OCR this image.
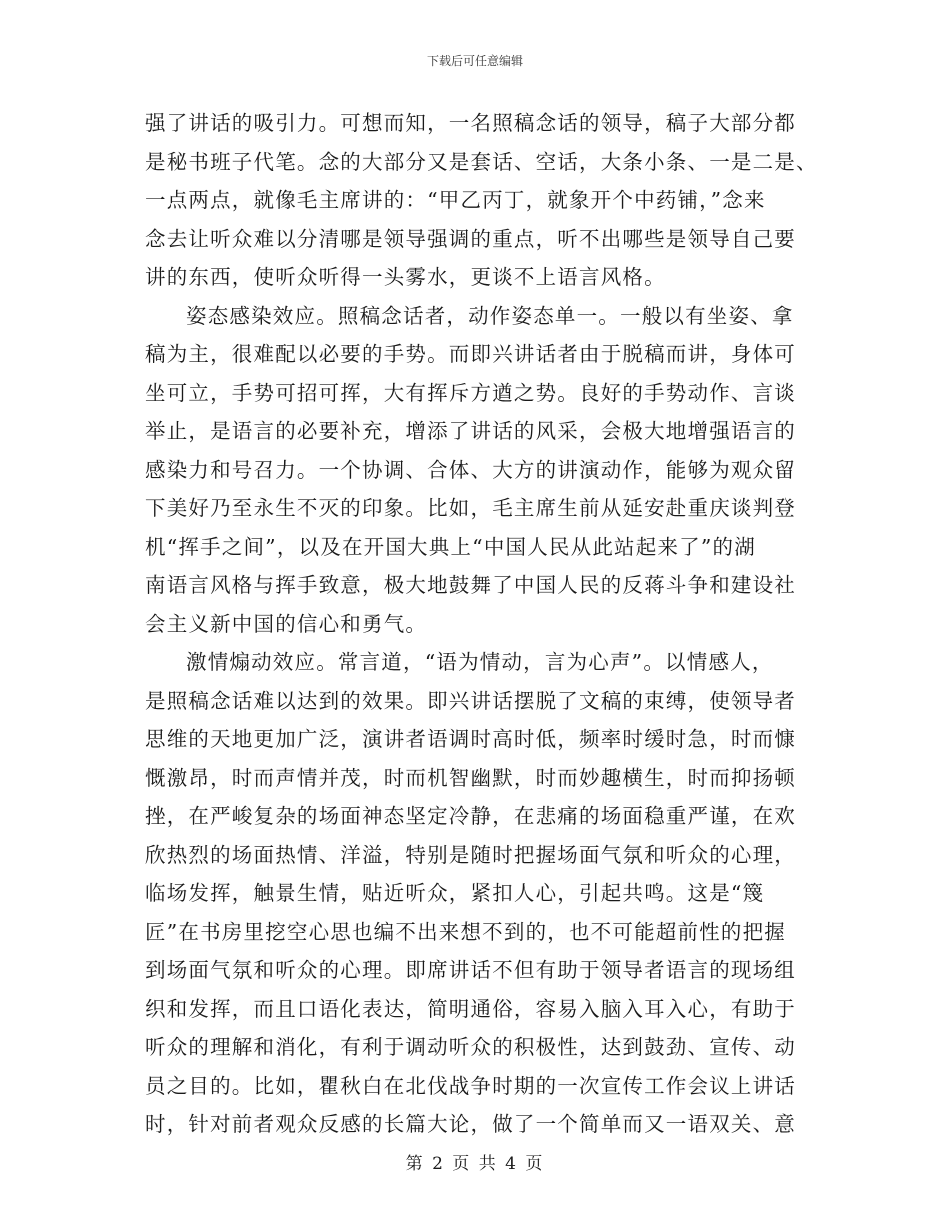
下载后可任意编辑
强了讲话的吸引力。可想而知，一名照稿念话的领导，稿子大部分都
是秘书班子代笔。念的大部分又是套话、空话，大条小条、一是二是、
一点两点，就像毛主席讲的：“甲乙丙丁，就象开个中药铺，”念来
念去让听众难以分清哪是领导强调的重点，听不出哪些是领导自己要
讲的东西，使听众听得一头雾水，更谈不上语言风格。
姿态感染效应。照稿念话者，动作姿态单一。一般以有坐姿、拿
稿为主，很难配以必要的手势。而即兴讲话者由于脱稿而讲，身体可
坐可立，手势可招可挥，大有挥斥方遒之势。良好的手势动作、言谈
举止，是语言的必要补充，增添了讲话的风采，会极大地增强语言的
感染力和号召力。一个协调、合体、大方的讲演动作，能够为观众留
下美好乃至永生不灭的印象。比如，毛主席生前从延安赴重庆谈判登
机“挥手之间”，以及在开国大典上“中国人民从此站起来了”的湖
南语言风格与挥手致意，极大地鼓舞了中国人民的反蒋斗争和建设社
会主义新中国的信心和勇气。
激情煽动效应。常言道，“语为情动，言为心声”。以情感人，
是照稿念话难以达到的效果。即兴讲话摆脱了文稿的束缚，使领导者
思维的天地更加广泛，演讲者语调时高时低，频率时缓时急，时而慷
慨激昂，时而声情并茂，时而机智幽默，时而妙趣横生，时而抑扬顿
挫，在严峻复杂的场面神态坚定冷静，在悲痛的场面稳重严谨，在欢
欣热烈的场面热情、洋溢，特别是随时把握场面气氛和听众的心理，
临场发挥，触景生情，贴近听众，紧扣人心，引起共鸣。这是“篾
匠”在书房里挖空心思也编不出来想不到的，也不可能超前性的把握
到场面气氛和听众的心理。即席讲话不但有助于领导者语言的现场组
织和发挥，而且口语化表达，简明通俗，容易入脑入耳入心，有助于
听众的理解和消化，有利于调动听众的积极性，达到鼓劲、宣传、动
员之目的。比如，瞿秋白在北伐战争时期的一次宣传工作会议上讲话
时，针对前者观众反感的长篇大论，做了一个简单而又一语双关、意
第 2 页 共 4 页
